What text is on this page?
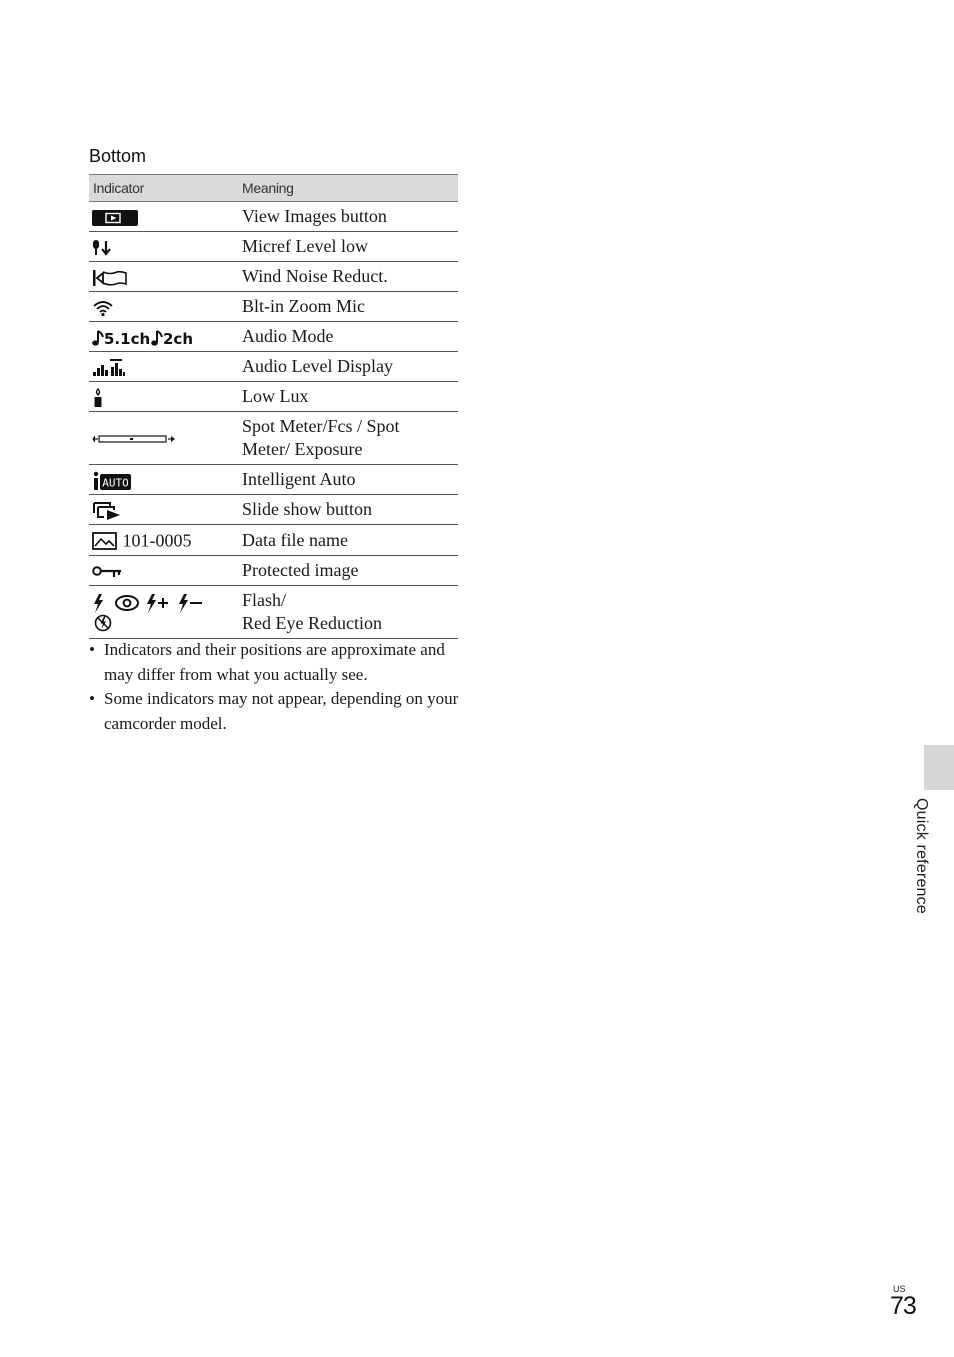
Bottom
Indicator	Meaning

	View Images button

	Micref Level low

	Wind Noise Reduct.

	Blt-in Zoom Mic

5.1ch 2ch	Audio Mode

	Audio Level Display

	Low Lux

	Spot Meter/Fcs / Spot
Meter/ Exposure

AUTO	Intelligent Auto

	Slide show button

101-0005	Data file name

	Protected image

	Flash/
Red Eye Reduction
• Indicators and their positions are approximate and may differ from what you actually see.
• Some indicators may not appear, depending on your camcorder model.
Quick reference
US
73
